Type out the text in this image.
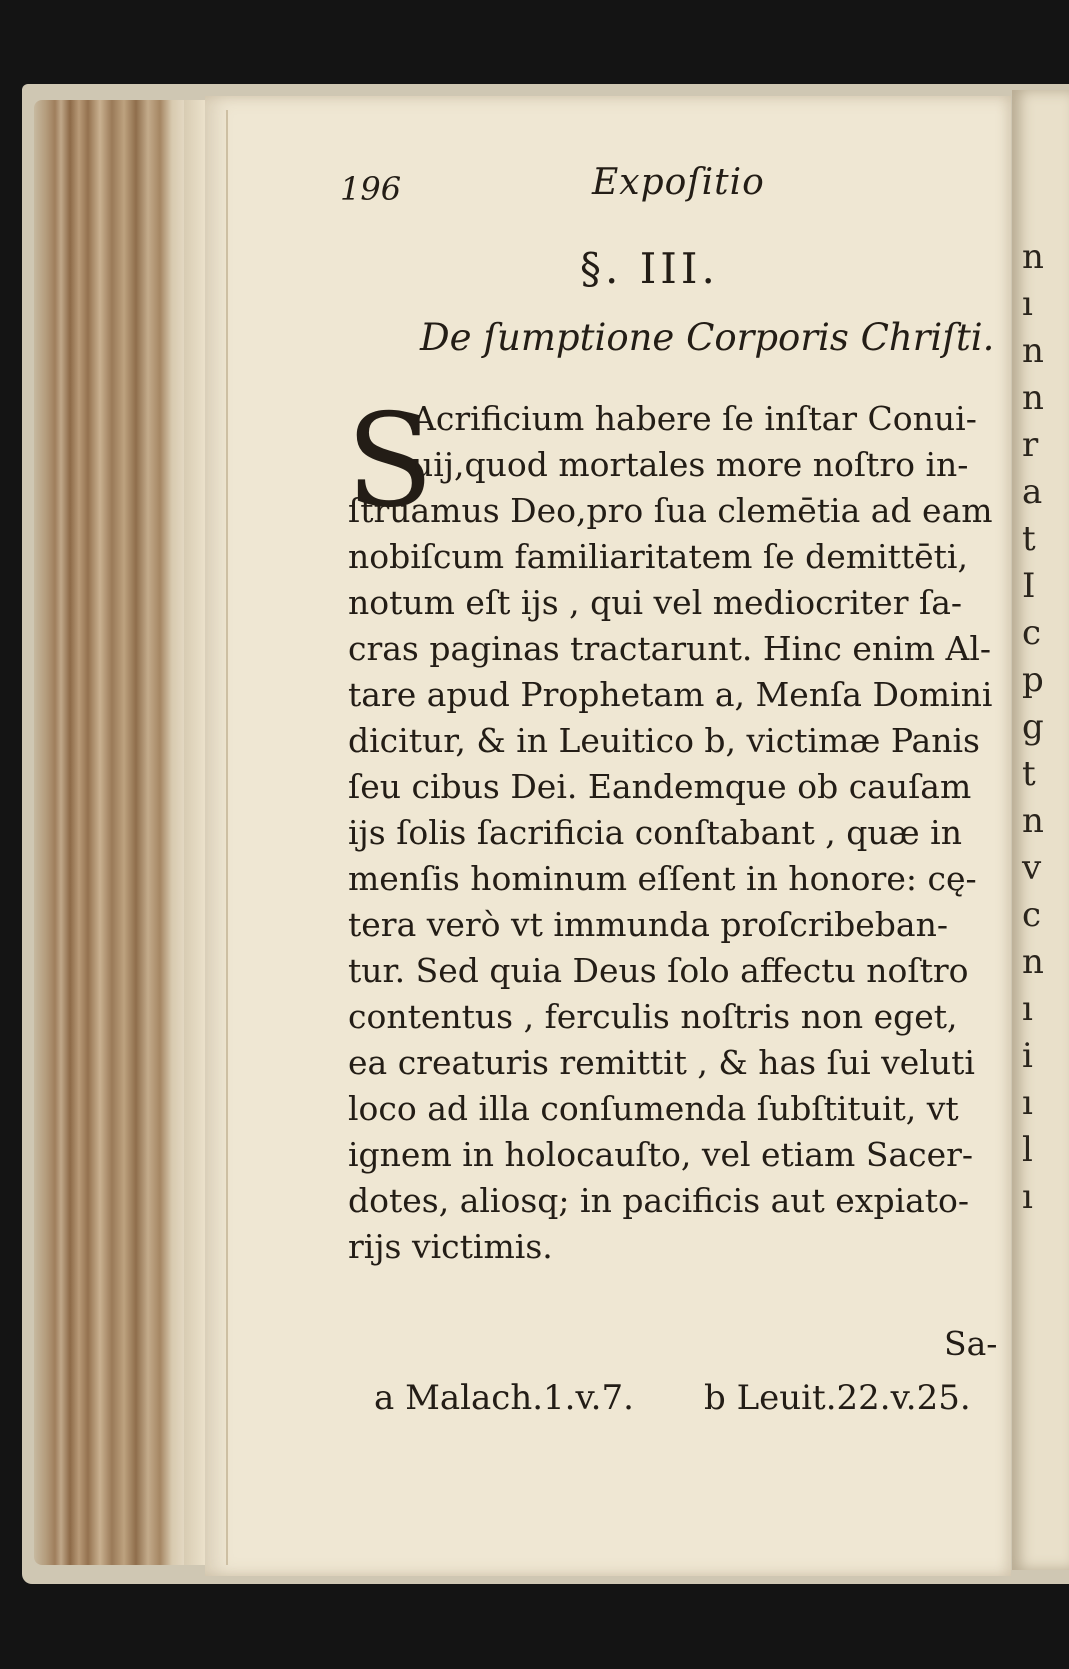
196	Expoſitio

§. III.

De ſumptione Corporis Chriſti.

S

Acrificium habere ſe inſtar Conui-
uij,quod mortales more noſtro in-
ſtruamus Deo,pro ſua clemētia ad eam
nobiſcum familiaritatem ſe demittēti,
notum eſt ijs , qui vel mediocriter ſa-
cras paginas tractarunt. Hinc enim Al-
tare apud Prophetam a, Menſa Domini
dicitur, & in Leuitico b, victimæ Panis
ſeu cibus Dei. Eandemque ob cauſam
ijs ſolis ſacrificia conſtabant , quæ in
menſis hominum eſſent in honore: cę-
tera verò vt immunda proſcribeban-
tur. Sed quia Deus ſolo affectu noſtro
contentus , ferculis noſtris non eget,
ea creaturis remittit , & has ſui veluti
loco ad illa conſumenda ſubſtituit, vt
ignem in holocauſto, vel etiam Sacer-
dotes, aliosq; in pacificis aut expiato-
rijs victimis.

Sa-

a Malach.1.v.7. b Leuit.22.v.25.

n

ı

n

n

r

a

t

I

c

p

g

t

n

v

c

n

ı

i

ı

l

ı
